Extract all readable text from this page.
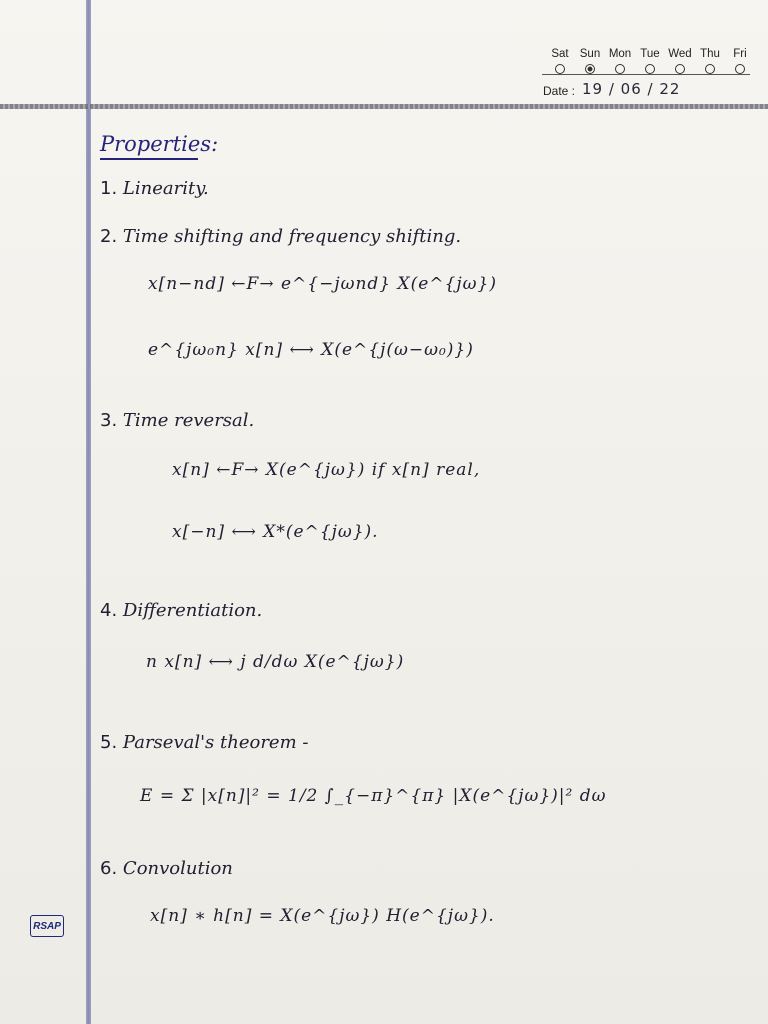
Sat Sun Mon Tue Wed Thu Fri
Date : 19 / 06 / 22
Properties:
1. Linearity.
2. Time shifting and frequency shifting.
x[n−nd] ←F→ e^{−jωnd} X(e^{jω})
e^{jω₀n} x[n] ⟷ X(e^{j(ω−ω₀)})
3. Time reversal.
x[n] ←F→ X(e^{jω}) if x[n] real,
x[−n] ⟷ X*(e^{jω}).
4. Differentiation.
n x[n] ⟷ j d/dω X(e^{jω})
5. Parseval's theorem -
E = Σ |x[n]|² = 1/2 ∫_{−π}^{π} |X(e^{jω})|² dω
6. Convolution
x[n] ∗ h[n] = X(e^{jω}) H(e^{jω}).
RSAP
